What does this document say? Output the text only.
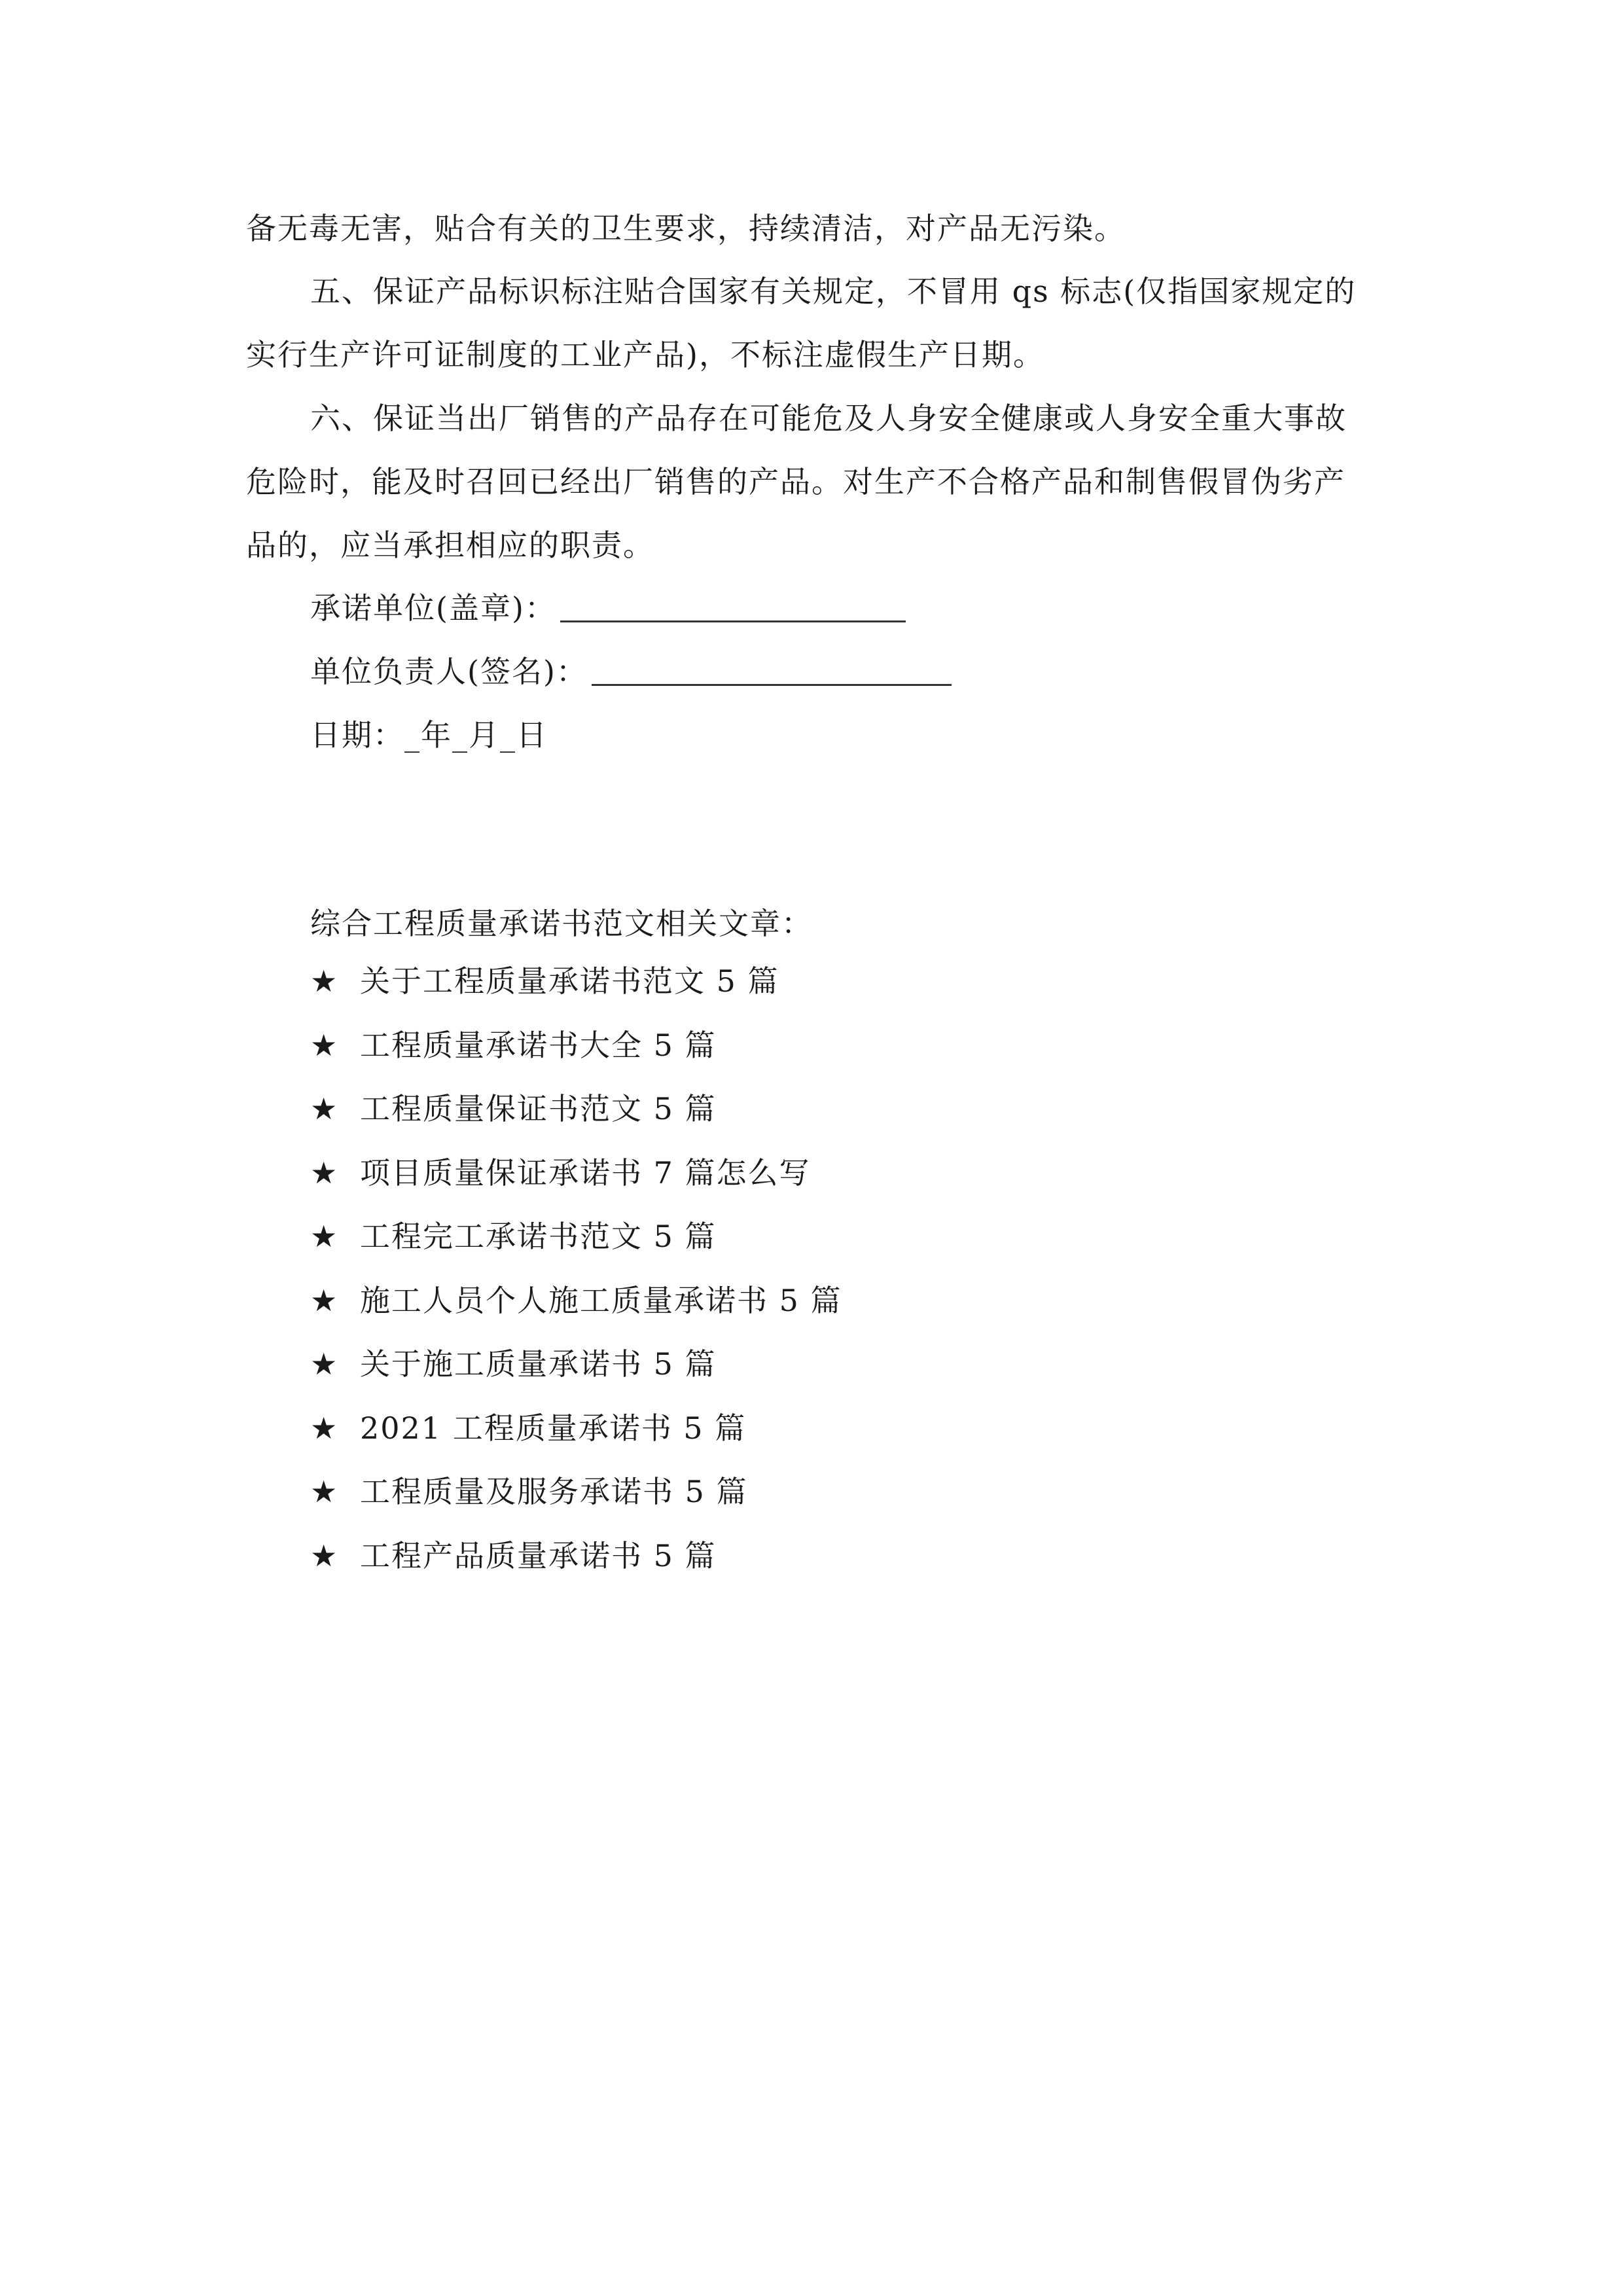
备无毒无害，贴合有关的卫生要求，持续清洁，对产品无污染。
五、保证产品标识标注贴合国家有关规定，不冒用 qs 标志(仅指国家规定的
实行生产许可证制度的工业产品)，不标注虚假生产日期。
六、保证当出厂销售的产品存在可能危及人身安全健康或人身安全重大事故
危险时，能及时召回已经出厂销售的产品。对生产不合格产品和制售假冒伪劣产
品的，应当承担相应的职责。
承诺单位(盖章)：
单位负责人(签名)：
日期：_年_月_日
综合工程质量承诺书范文相关文章：
★ 关于工程质量承诺书范文 5 篇
★ 工程质量承诺书大全 5 篇
★ 工程质量保证书范文 5 篇
★ 项目质量保证承诺书 7 篇怎么写
★ 工程完工承诺书范文 5 篇
★ 施工人员个人施工质量承诺书 5 篇
★ 关于施工质量承诺书 5 篇
★ 2021 工程质量承诺书 5 篇
★ 工程质量及服务承诺书 5 篇
★ 工程产品质量承诺书 5 篇
